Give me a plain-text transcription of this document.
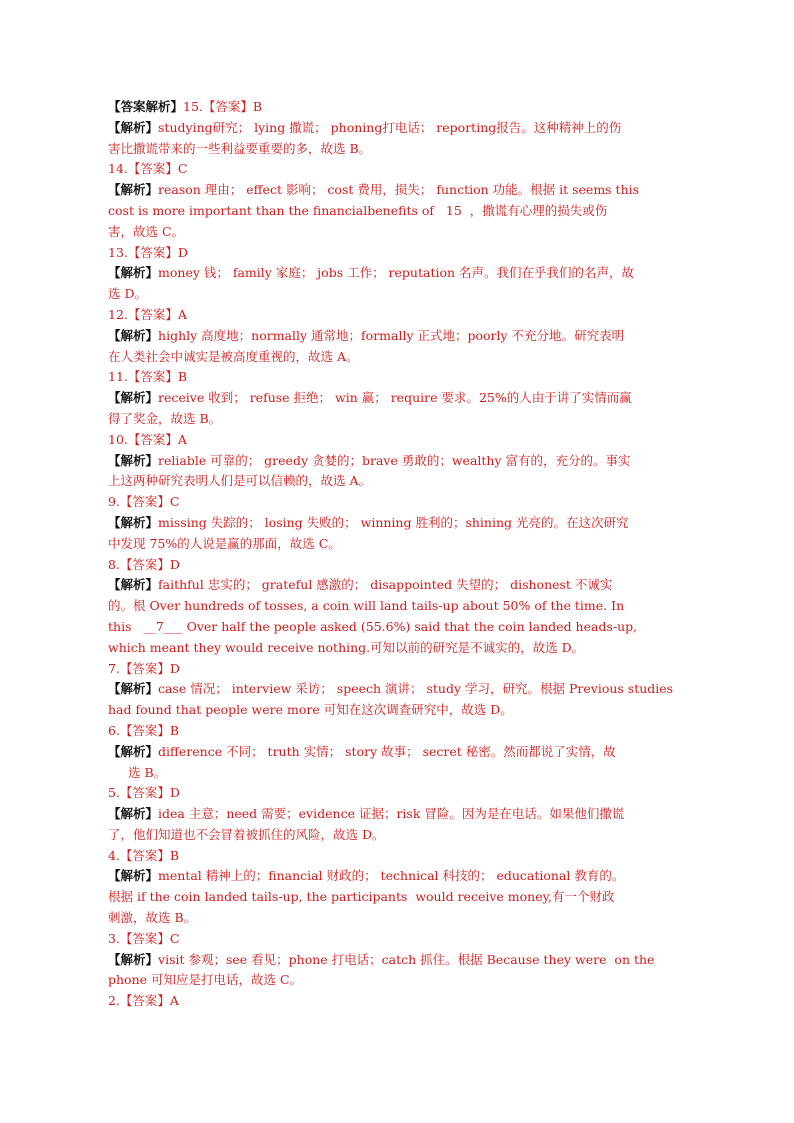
【答案解析】15.【答案】B
【解析】studying研究； lying 撒谎； phoning打电话； reporting报告。这种精神上的伤
害比撒谎带来的一些利益要重要的多，故选 B。
14.【答案】C
【解析】reason 理由； effect 影响； cost 费用，损失； function 功能。根据 it seems this
cost is more important than the financialbenefits of   15  ，撒谎有心理的损失或伤
害，故选 C。
13.【答案】D
【解析】money 钱； family 家庭； jobs 工作； reputation 名声。我们在乎我们的名声，故
选 D。
12.【答案】A
【解析】highly 高度地；normally 通常地；formally 正式地；poorly 不充分地。研究表明
在人类社会中诚实是被高度重视的，故选 A。
11.【答案】B
【解析】receive 收到； refuse 拒绝； win 赢； require 要求。25%的人由于讲了实情而赢
得了奖金，故选 B。
10.【答案】A
【解析】reliable 可靠的； greedy 贪婪的；brave 勇敢的；wealthy 富有的，充分的。事实
上这两种研究表明人们是可以信赖的，故选 A。
9.【答案】C
【解析】missing 失踪的； losing 失败的； winning 胜利的；shining 光亮的。在这次研究
中发现 75%的人说是赢的那面，故选 C。
8.【答案】D
【解析】faithful 忠实的； grateful 感激的； disappointed 失望的； dishonest 不诚实
的。根 Over hundreds of tosses, a coin will land tails-up about 50% of the time. In
this   __7___ Over half the people asked (55.6%) said that the coin landed heads-up,
which meant they would receive nothing.可知以前的研究是不诚实的，故选 D。
7.【答案】D
【解析】case 情况； interview 采访； speech 演讲； study 学习，研究。根据 Previous studies
had found that people were more 可知在这次调查研究中，故选 D。
6.【答案】B
【解析】difference 不同； truth 实情； story 故事； secret 秘密。然而都说了实情，故
选 B。
5.【答案】D
【解析】idea 主意；need 需要；evidence 证据；risk 冒险。因为是在电话。如果他们撒谎
了，他们知道也不会冒着被抓住的风险，故选 D。
4.【答案】B
【解析】mental 精神上的；financial 财政的； technical 科技的； educational 教育的。
根据 if the coin landed tails-up, the participants  would receive money,有一个财政
刺激，故选 B。
3.【答案】C
【解析】visit 参观；see 看见；phone 打电话；catch 抓住。根据 Because they were  on the
phone 可知应是打电话，故选 C。
2.【答案】A
